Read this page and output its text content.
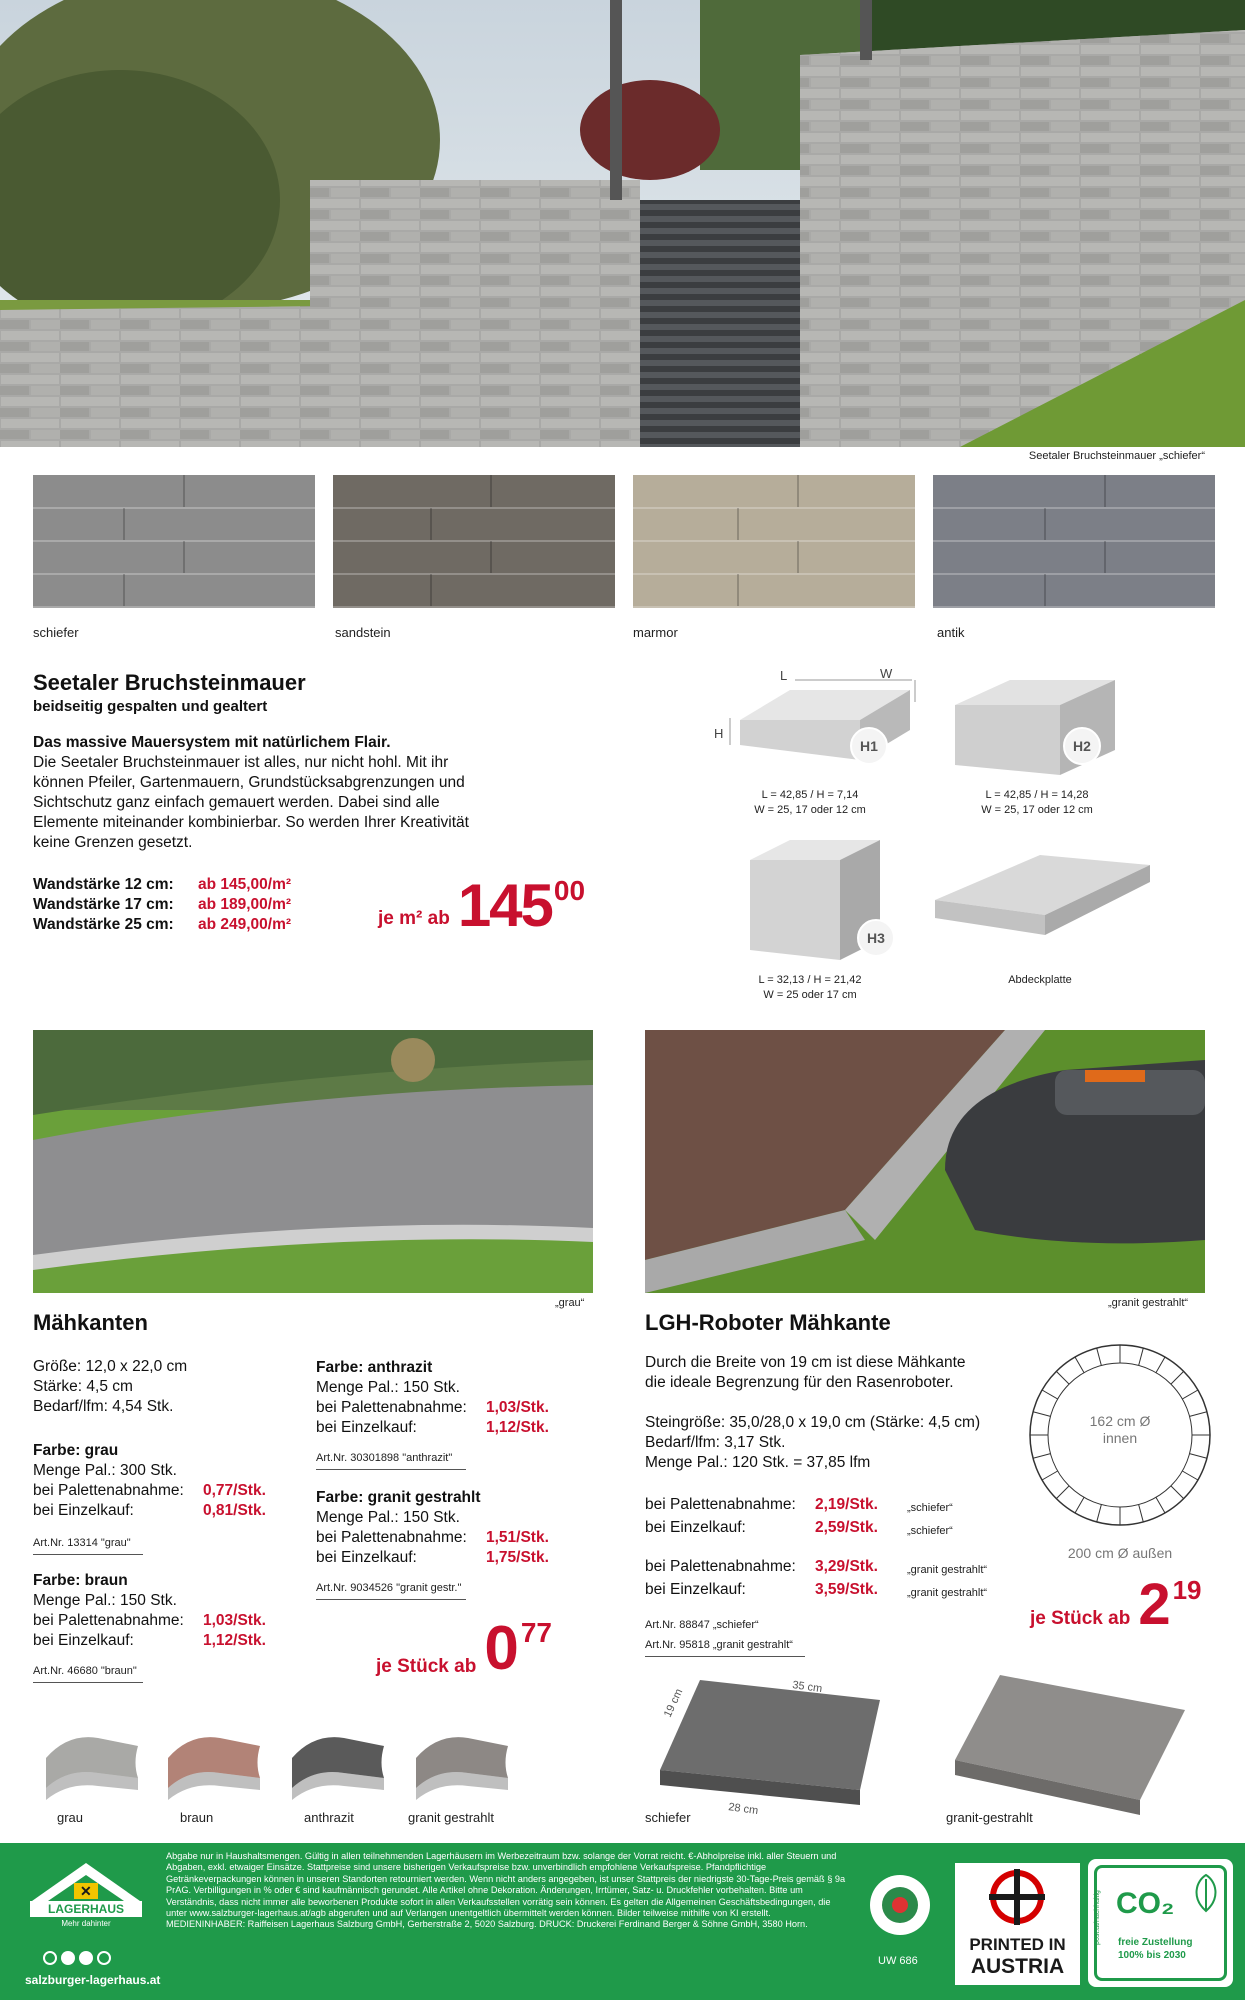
Seetaler Bruchsteinmauer „schiefer“
schiefer	sandstein	marmor	antik
Seetaler Bruchsteinmauer
beidseitig gespalten und gealtert
Das massive Mauersystem mit natürlichem Flair.
Die Seetaler Bruchsteinmauer ist alles, nur nicht hohl. Mit ihr
können Pfeiler, Gartenmauern, Grundstücksabgrenzungen und
Sichtschutz ganz einfach gemauert werden. Dabei sind alle
Elemente miteinander kombinierbar. So werden Ihrer Kreativität
keine Grenzen gesetzt.
Wandstärke 12 cm:	ab 145,00/m²
Wandstärke 17 cm:	ab 189,00/m²
Wandstärke 25 cm:	ab 249,00/m²	je m² ab 145 00
L	W
H
H1	H2
H3
L = 42,85 / H = 7,14
W = 25, 17 oder 12 cm
L = 42,85 / H = 14,28
W = 25, 17 oder 12 cm
L = 32,13 / H = 21,42
W = 25 oder 17 cm
Abdeckplatte
„grau“	„granit gestrahlt“
Mähkanten
Größe: 12,0 x 22,0 cm
Stärke: 4,5 cm
Bedarf/lfm: 4,54 Stk.
Farbe: grau
Menge Pal.: 300 Stk.
bei Palettenabnahme:	0,77/Stk.
bei Einzelkauf:	0,81/Stk.
Art.Nr. 13314 "grau"
Farbe: braun
Menge Pal.: 150 Stk.
bei Palettenabnahme:	1,03/Stk.
bei Einzelkauf:	1,12/Stk.
Art.Nr. 46680 "braun"
Farbe: anthrazit
Menge Pal.: 150 Stk.
bei Palettenabnahme:	1,03/Stk.
bei Einzelkauf:	1,12/Stk.
Art.Nr. 30301898 "anthrazit"
Farbe: granit gestrahlt
Menge Pal.: 150 Stk.
bei Palettenabnahme:	1,51/Stk.
bei Einzelkauf:	1,75/Stk.
Art.Nr. 9034526 "granit gestr."
je Stück ab 0 77
grau	braun	anthrazit	granit gestrahlt
LGH-Roboter Mähkante
Durch die Breite von 19 cm ist diese Mähkante
die ideale Begrenzung für den Rasenroboter.
Steingröße: 35,0/28,0 x 19,0 cm (Stärke: 4,5 cm)
Bedarf/lfm: 3,17 Stk.
Menge Pal.: 120 Stk. = 37,85 lfm
bei Palettenabnahme:	2,19/Stk.	„schiefer“
bei Einzelkauf:	2,59/Stk.	„schiefer“
bei Palettenabnahme:	3,29/Stk.	„granit gestrahlt“
bei Einzelkauf:	3,59/Stk.	„granit gestrahlt“
Art.Nr. 88847 „schiefer“
Art.Nr. 95818 „granit gestrahlt“
162 cm Ø
innen
200 cm Ø außen
je Stück ab 2 19
35 cm
19 cm
28 cm
schiefer	granit-gestrahlt
✕
LAGERHAUS
Mehr dahinter
salzburger-lagerhaus.at
Abgabe nur in Haushaltsmengen. Gültig in allen teilnehmenden Lagerhäusern im Werbezeitraum bzw. solange der Vorrat reicht. €-Abholpreise inkl. aller Steuern und Abgaben, exkl. etwaiger Einsätze. Stattpreise sind unsere bisherigen Verkaufspreise bzw. unverbindlich empfohlene Verkaufspreise. Pfandpflichtige Getränkeverpackungen können in unseren Standorten retourniert werden. Wenn nicht anders angegeben, ist unser Stattpreis der niedrigste 30-Tage-Preis gemäß § 9a PrAG. Verbilligungen in % oder € sind kaufmännisch gerundet. Alle Artikel ohne Dekoration. Änderungen, Irrtümer, Satz- u. Druckfehler vorbehalten. Bitte um Verständnis, dass nicht immer alle beworbenen Produkte sofort in allen Verkaufsstellen vorrätig sein können. Es gelten die Allgemeinen Geschäftsbedingungen, die unter www.salzburger-lagerhaus.at/agb abgerufen und auf Verlangen unentgeltlich übermittelt werden können. Bilder teilweise mithilfe von KI erstellt. MEDIENINHABER: Raiffeisen Lagerhaus Salzburg GmbH, Gerberstraße 2, 5020 Salzburg. DRUCK: Druckerei Ferdinand Berger & Söhne GmbH, 3580 Horn.
UW 686
PRINTED IN
AUSTRIA
post.at/nachhaltig CO₂
freie Zustellung
100% bis 2030
